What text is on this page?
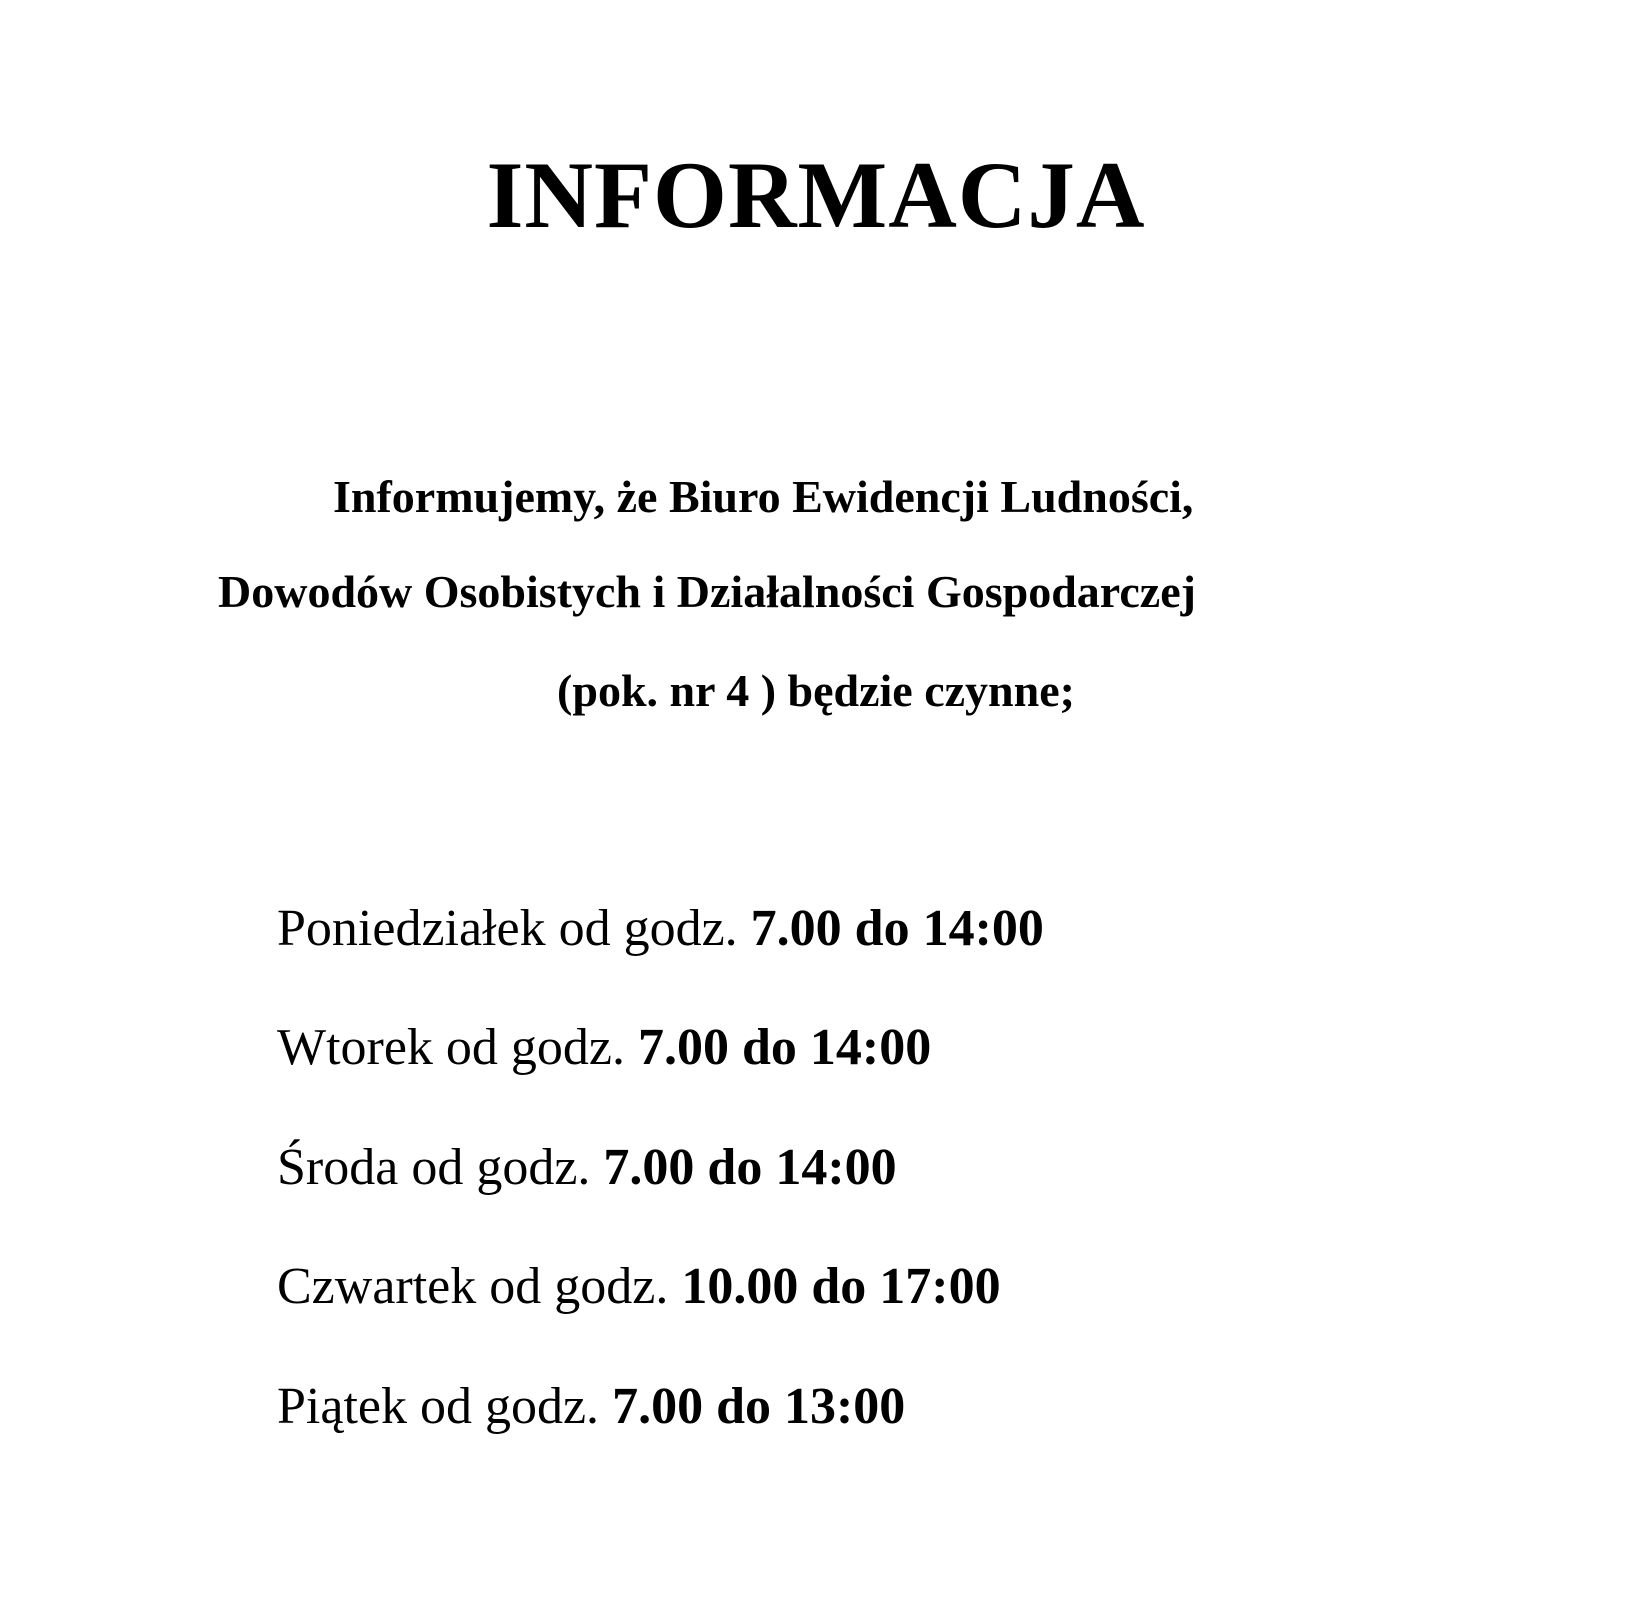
INFORMACJA
Informujemy, że Biuro Ewidencji Ludności,
Dowodów Osobistych i Działalności Gospodarczej
(pok. nr 4 ) będzie czynne;
Poniedziałek od godz. 7.00 do 14:00
Wtorek od godz. 7.00 do 14:00
Środa od godz. 7.00 do 14:00
Czwartek od godz. 10.00 do 17:00
Piątek od godz. 7.00 do 13:00
